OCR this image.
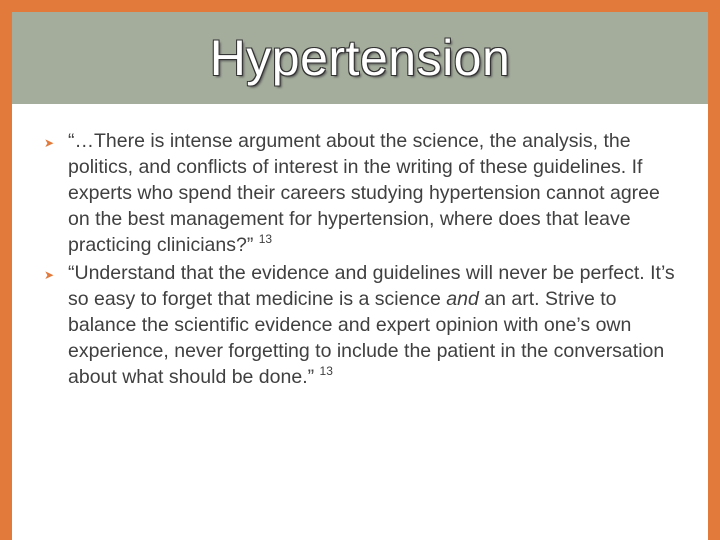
Hypertension

➤ “…There is intense argument about the science, the analysis, the politics, and conflicts of interest in the writing of these guidelines. If experts who spend their careers studying hypertension cannot agree on the best management for hypertension, where does that leave practicing clinicians?” $^{13}$

➤ “Understand that the evidence and guidelines will never be perfect. It’s so easy to forget that medicine is a science and an art. Strive to balance the scientific evidence and expert opinion with one’s own experience, never forgetting to include the patient in the conversation about what should be done.” $^{13}$
